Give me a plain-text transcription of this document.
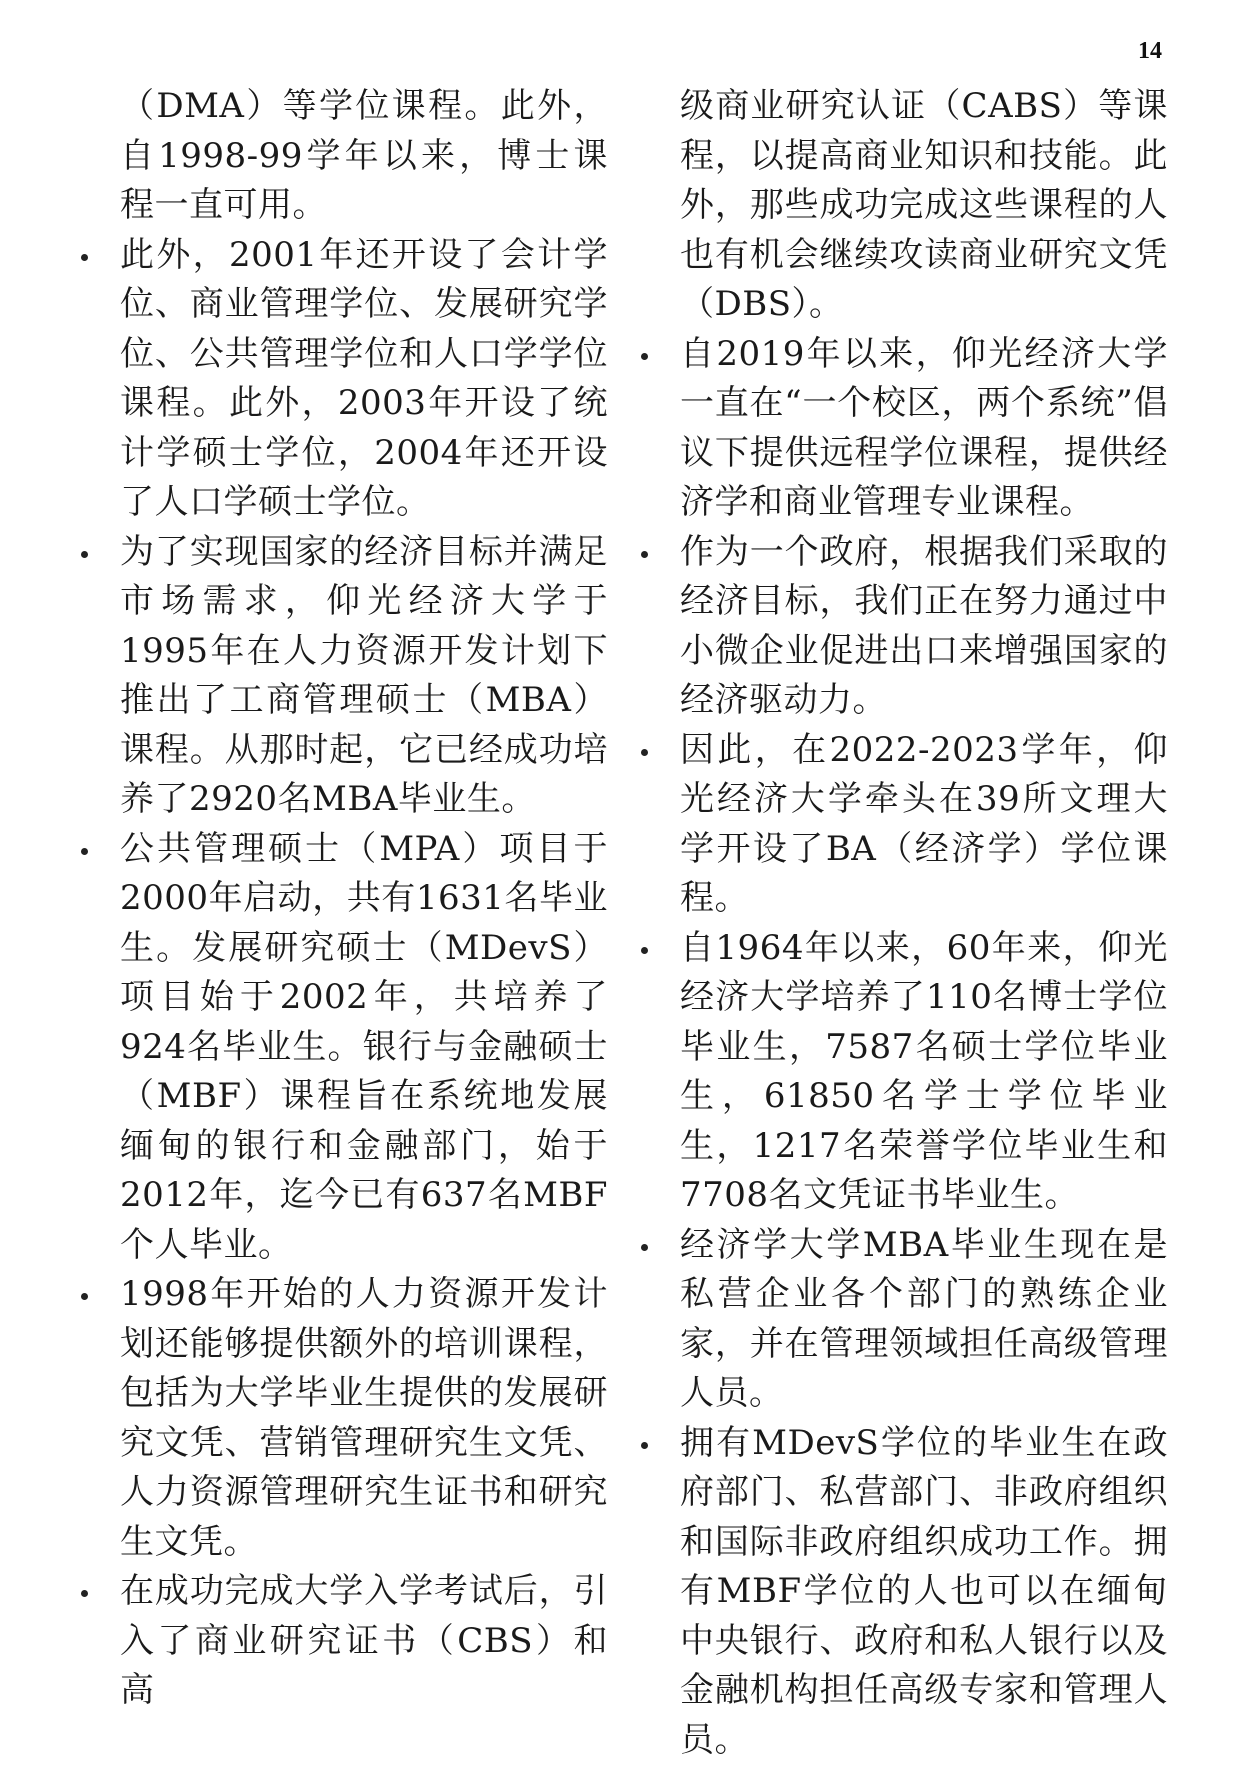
14

（DMA）等学位课程。此外，自1998-99学年以来，博士课程一直可用。

此外，2001年还开设了会计学位、商业管理学位、发展研究学位、公共管理学位和人口学学位课程。此外，2003年开设了统计学硕士学位，2004年还开设了人口学硕士学位。

为了实现国家的经济目标并满足市场需求，仰光经济大学于1995年在人力资源开发计划下推出了工商管理硕士（MBA）课程。从那时起，它已经成功培养了2920名MBA毕业生。

公共管理硕士（MPA）项目于2000年启动，共有1631名毕业生。发展研究硕士（MDevS）项目始于2002年，共培养了924名毕业生。银行与金融硕士（MBF）课程旨在系统地发展缅甸的银行和金融部门，始于2012年，迄今已有637名MBF个人毕业。

1998年开始的人力资源开发计划还能够提供额外的培训课程，包括为大学毕业生提供的发展研究文凭、营销管理研究生文凭、人力资源管理研究生证书和研究生文凭。

在成功完成大学入学考试后，引入了商业研究证书（CBS）和高

级商业研究认证（CABS）等课程，以提高商业知识和技能。此外，那些成功完成这些课程的人也有机会继续攻读商业研究文凭（DBS）。

自2019年以来，仰光经济大学一直在“一个校区，两个系统”倡议下提供远程学位课程，提供经济学和商业管理专业课程。

作为一个政府，根据我们采取的经济目标，我们正在努力通过中小微企业促进出口来增强国家的经济驱动力。

因此，在2022-2023学年，仰光经济大学牵头在39所文理大学开设了BA（经济学）学位课程。

自1964年以来，60年来，仰光经济大学培养了110名博士学位毕业生，7587名硕士学位毕业生，61850名学士学位毕业生，1217名荣誉学位毕业生和7708名文凭证书毕业生。

经济学大学MBA毕业生现在是私营企业各个部门的熟练企业家，并在管理领域担任高级管理人员。

拥有MDevS学位的毕业生在政府部门、私营部门、非政府组织和国际非政府组织成功工作。拥有MBF学位的人也可以在缅甸中央银行、政府和私人银行以及金融机构担任高级专家和管理人员。
